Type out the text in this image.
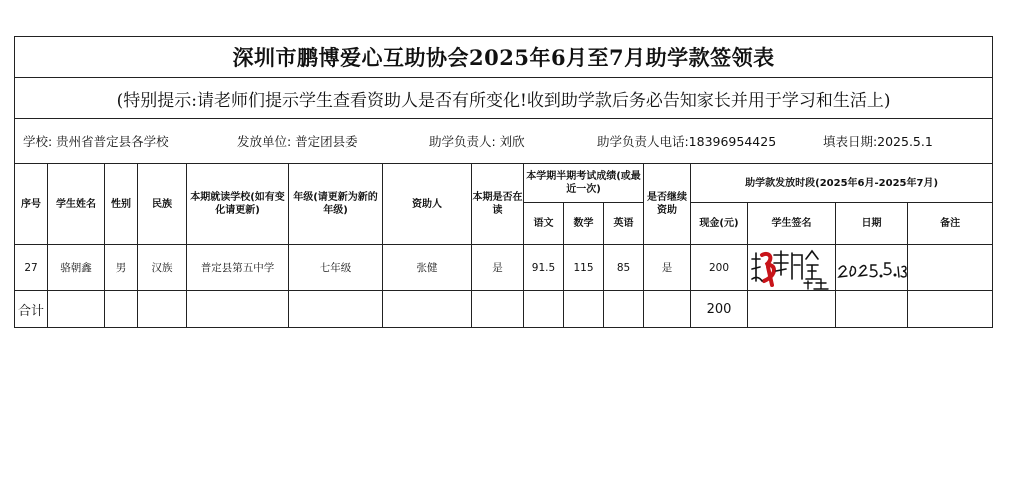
深圳市鹏博爱心互助协会2025年6月至7月助学款签领表															
(特别提示:请老师们提示学生查看资助人是否有所变化!收到助学款后务必告知家长并用于学习和生活上)															
学校: 贵州省普定县各学校 发放单位: 普定团县委 助学负责人: 刘欣 助学负责人电话:18396954425 填表日期:2025.5.1															
序号	学生姓名	性别	民族	本期就读学校(如有变化请更新)	年级(请更新为新的年级)	资助人	本期是否在读	本学期半期考试成绩(或最近一次)			是否继续资助	助学款发放时段(2025年6月-2025年7月)			
								语文	数学	英语		现金(元)	学生签名	日期	备注
27	骆朝鑫	男	汉族	普定县第五中学	七年级	张健	是	91.5	115	85	是	200	

合计												200			
